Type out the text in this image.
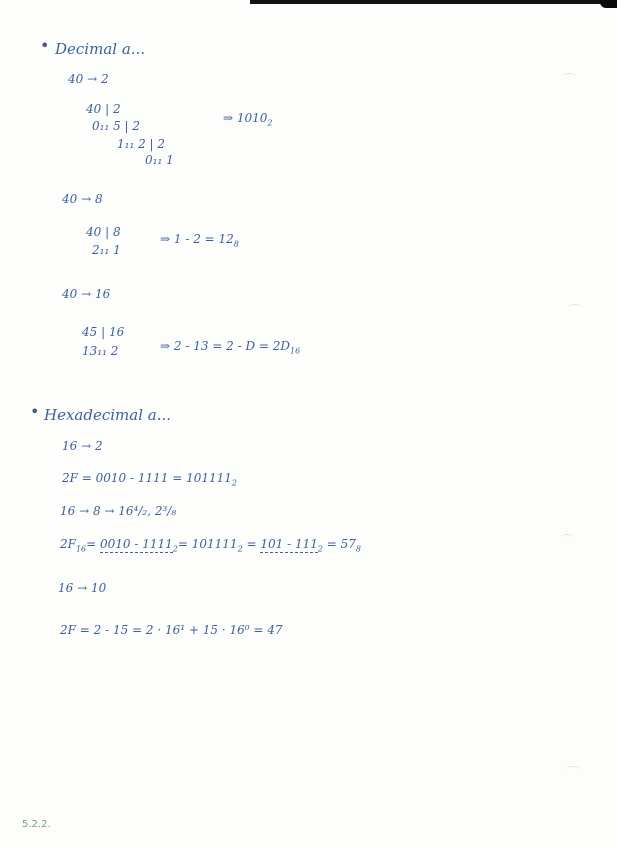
• Decimal a...
40 → 2
40 | 2
0₁₁ 5 | 2
1₁₁ 2 | 2
0₁₁ 1
⇒ $1010_2$
40 → 8
40 | 8
2₁₁ 1
⇒ $1 - 2 = 12_8$
40 → 16
45 | 16
13₁₁ 2	⇒ $2 - 13 = 2 - D = 2D_{16}$
• Hexadecimal a...
16 → 2
$2F = 0010 - 1111 = 101111_2$
16 → 8 → 16⁴/₂, 2³/₈
$2F_{16}= 0010 - 1111_2= 101111_2 = 101 - 111_2 = 57_8$
16 → 10
2F = 2 - 15 = 2 · 16¹ + 15 · 16⁰ = 47
5.2.2.
